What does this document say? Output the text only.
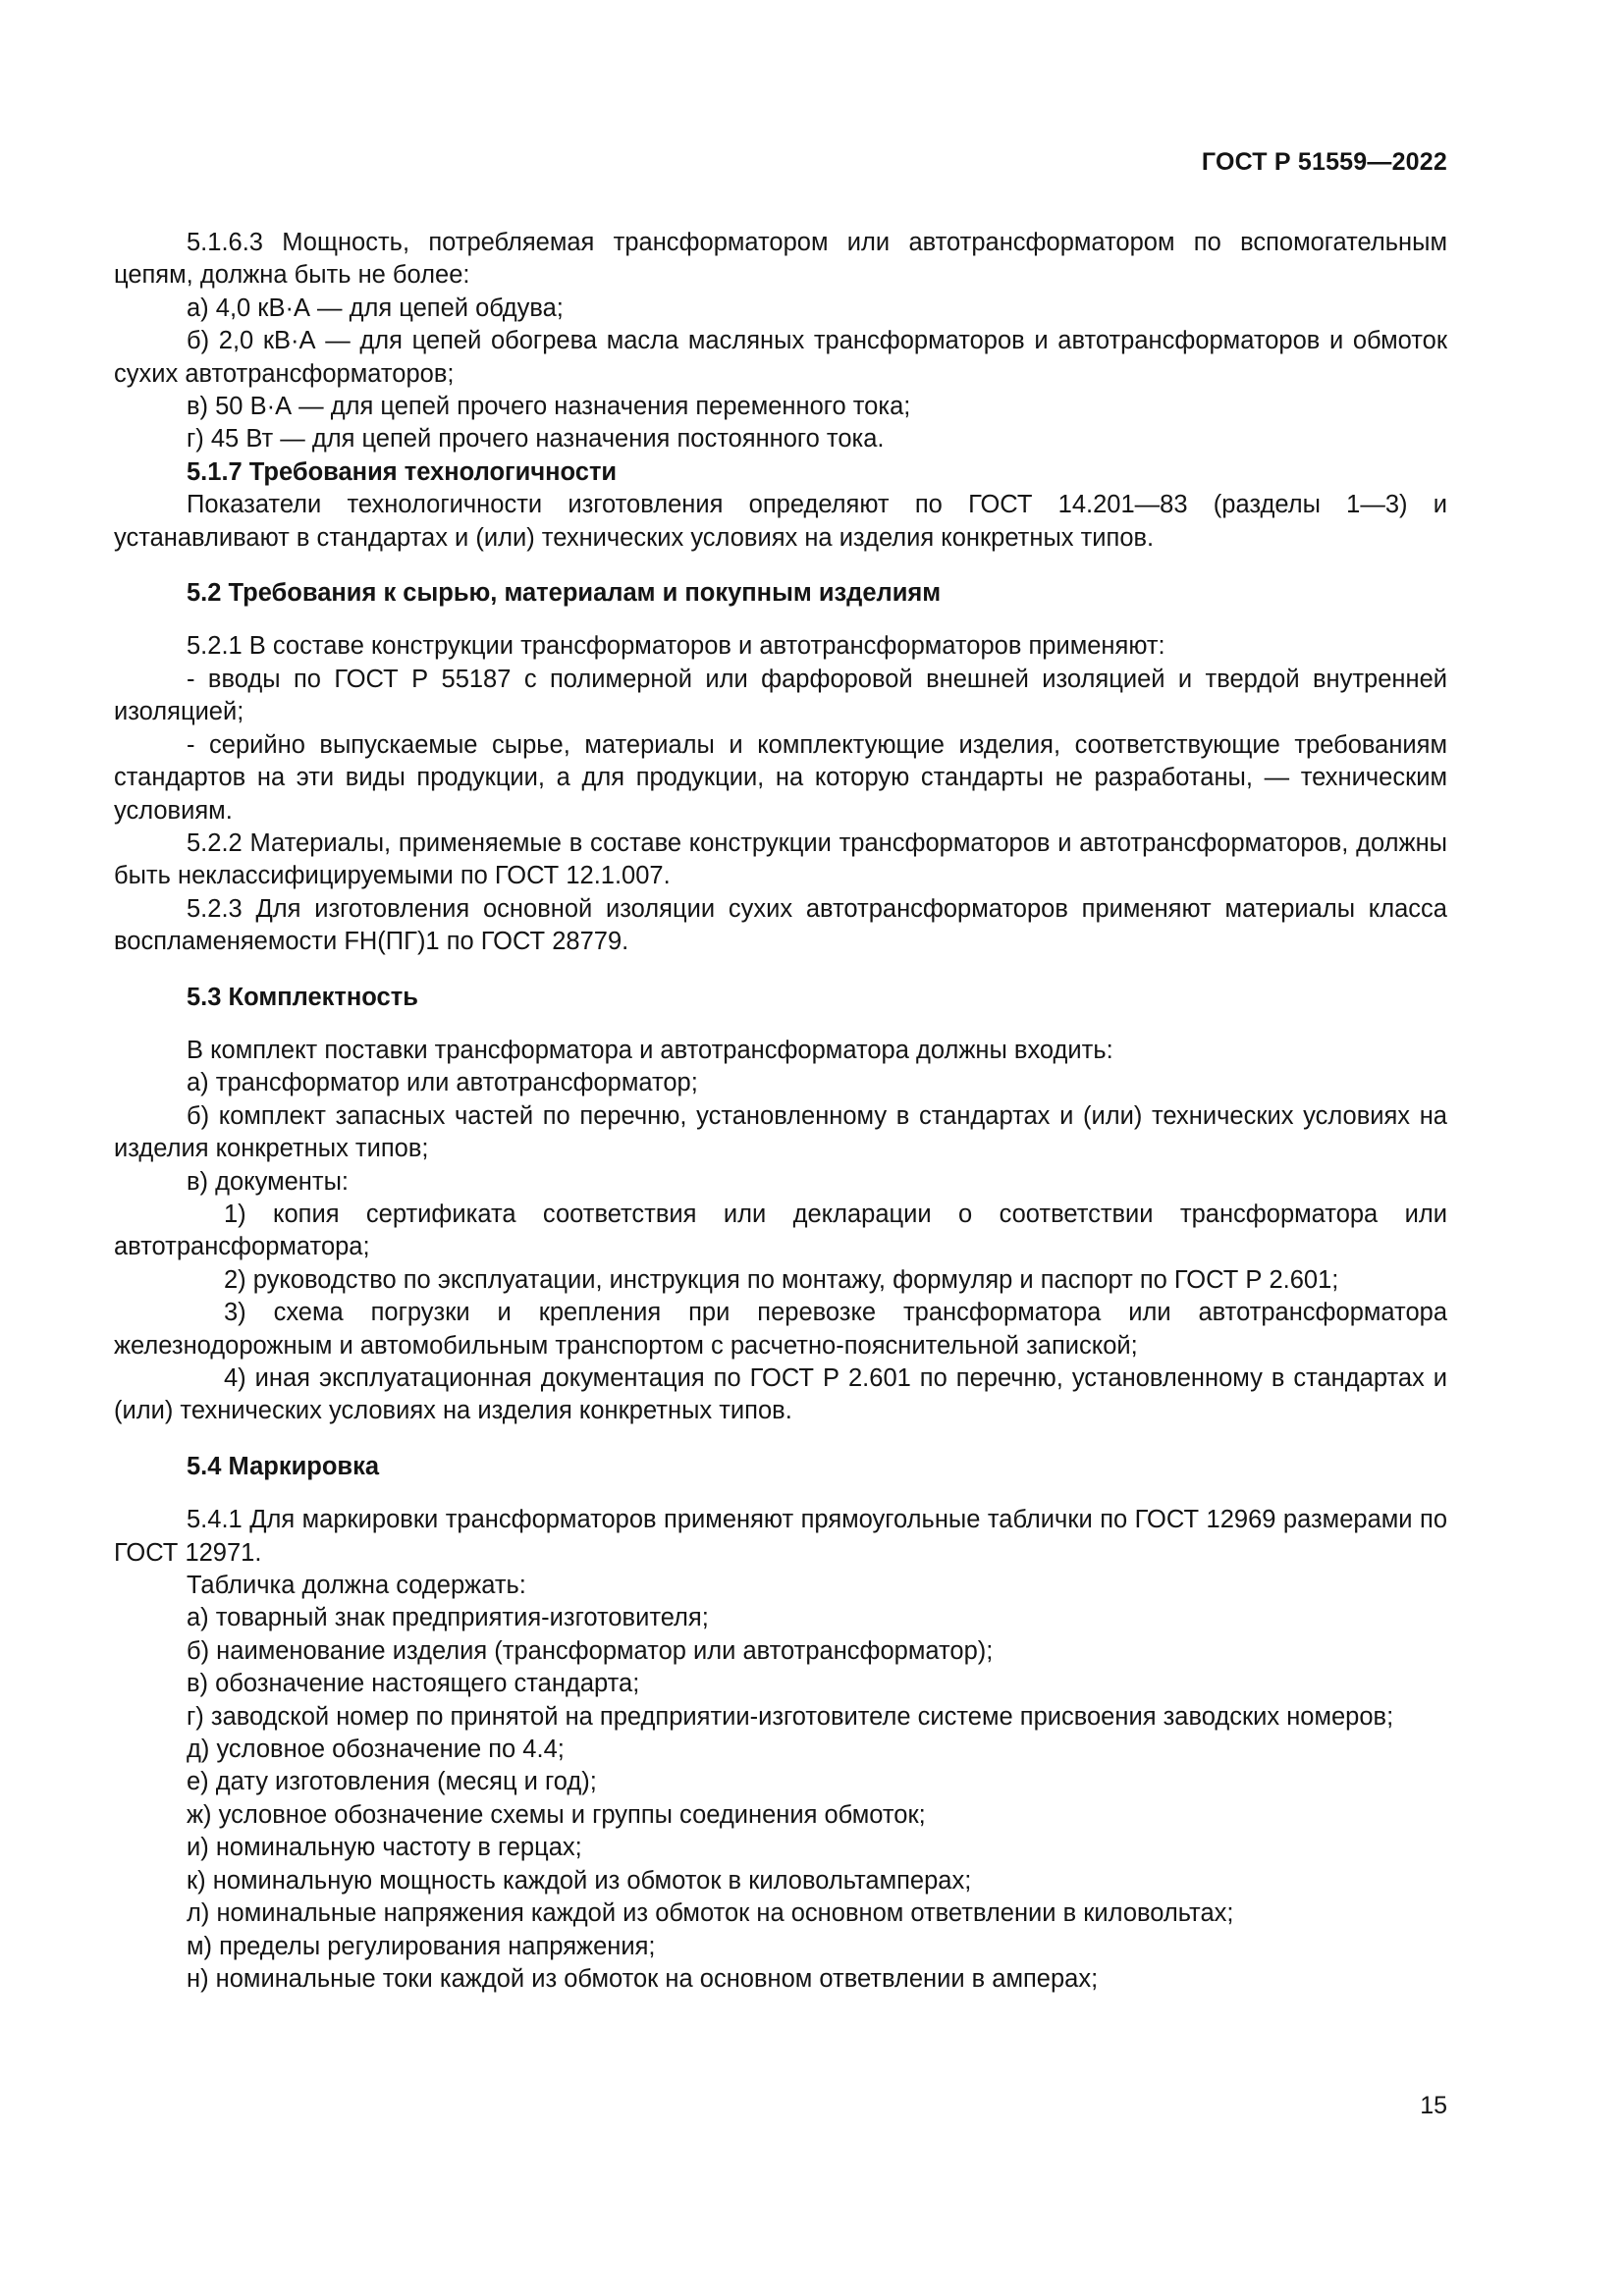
ГОСТ Р 51559—2022

5.1.6.3 Мощность, потребляемая трансформатором или автотрансформатором по вспомогательным цепям, должна быть не более:

а) 4,0 кВ·А — для цепей обдува;

б) 2,0 кВ·А — для цепей обогрева масла масляных трансформаторов и автотрансформаторов и обмоток сухих автотрансформаторов;

в) 50 В·А — для цепей прочего назначения переменного тока;

г) 45 Вт — для цепей прочего назначения постоянного тока.

5.1.7 Требования технологичности

Показатели технологичности изготовления определяют по ГОСТ 14.201—83 (разделы 1—3) и устанавливают в стандартах и (или) технических условиях на изделия конкретных типов.

5.2 Требования к сырью, материалам и покупным изделиям

5.2.1 В составе конструкции трансформаторов и автотрансформаторов применяют:

- вводы по ГОСТ Р 55187 с полимерной или фарфоровой внешней изоляцией и твердой внутренней изоляцией;

- серийно выпускаемые сырье, материалы и комплектующие изделия, соответствующие требованиям стандартов на эти виды продукции, а для продукции, на которую стандарты не разработаны, — техническим условиям.

5.2.2 Материалы, применяемые в составе конструкции трансформаторов и автотрансформаторов, должны быть неклассифицируемыми по ГОСТ 12.1.007.

5.2.3 Для изготовления основной изоляции сухих автотрансформаторов применяют материалы класса воспламеняемости FH(ПГ)1 по ГОСТ 28779.

5.3 Комплектность

В комплект поставки трансформатора и автотрансформатора должны входить:

а) трансформатор или автотрансформатор;

б) комплект запасных частей по перечню, установленному в стандартах и (или) технических условиях на изделия конкретных типов;

в) документы:

1) копия сертификата соответствия или декларации о соответствии трансформатора или автотрансформатора;

2) руководство по эксплуатации, инструкция по монтажу, формуляр и паспорт по ГОСТ Р 2.601;

3) схема погрузки и крепления при перевозке трансформатора или автотрансформатора железнодорожным и автомобильным транспортом с расчетно-пояснительной запиской;

4) иная эксплуатационная документация по ГОСТ Р 2.601 по перечню, установленному в стандартах и (или) технических условиях на изделия конкретных типов.

5.4 Маркировка

5.4.1 Для маркировки трансформаторов применяют прямоугольные таблички по ГОСТ 12969 размерами по ГОСТ 12971.

Табличка должна содержать:

а) товарный знак предприятия-изготовителя;

б) наименование изделия (трансформатор или автотрансформатор);

в) обозначение настоящего стандарта;

г) заводской номер по принятой на предприятии-изготовителе системе присвоения заводских номеров;

д) условное обозначение по 4.4;

е) дату изготовления (месяц и год);

ж) условное обозначение схемы и группы соединения обмоток;

и) номинальную частоту в герцах;

к) номинальную мощность каждой из обмоток в киловольтамперах;

л) номинальные напряжения каждой из обмоток на основном ответвлении в киловольтах;

м) пределы регулирования напряжения;

н) номинальные токи каждой из обмоток на основном ответвлении в амперах;

15
